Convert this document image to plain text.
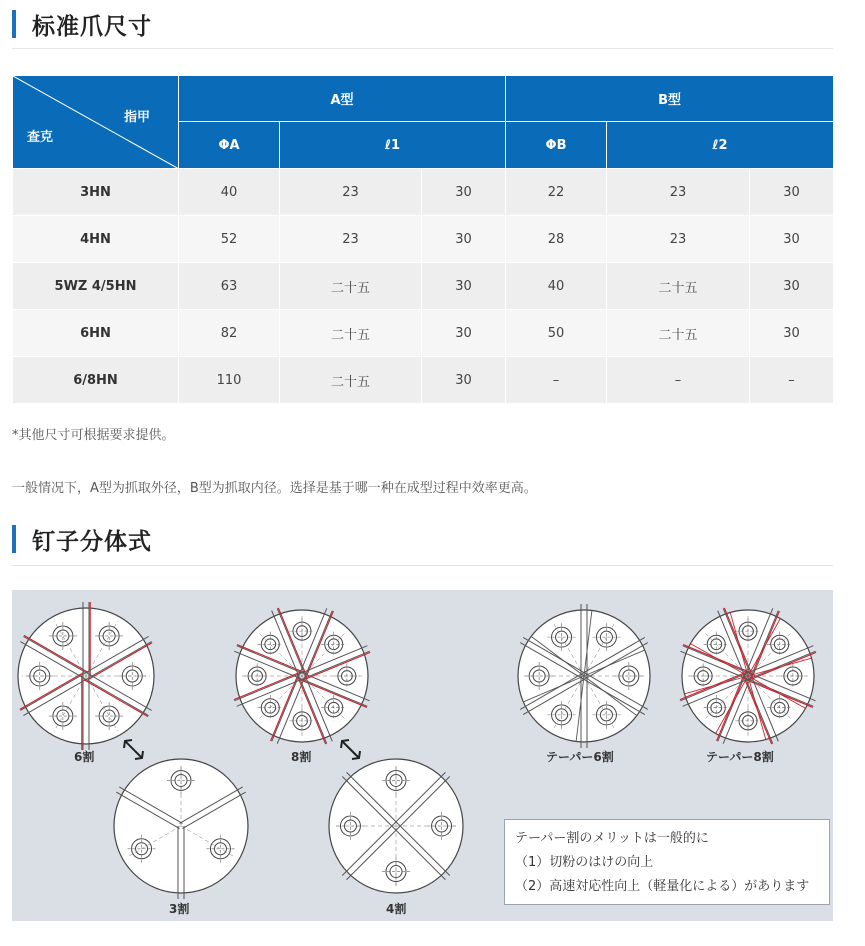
标准爪尺寸
指甲
查克	A型			B型		
	ΦA	ℓ1		ΦB	ℓ2	
3HN	40	23	30	22	23	30
4HN	52	23	30	28	23	30
5WZ 4/5HN	63	二十五	30	40	二十五	30
6HN	82	二十五	30	50	二十五	30
6/8HN	110	二十五	30	–	–	–
*其他尺寸可根据要求提供。
一般情况下，A型为抓取外径，B型为抓取内径。选择是基于哪一种在成型过程中效率更高。
钉子分体式
6割	8割
3割	4割
テーパー6割	テーパー8割
テーパー割のメリットは一般的に
（1）切粉のはけの向上
（2）高速対応性向上（軽量化による）があります
